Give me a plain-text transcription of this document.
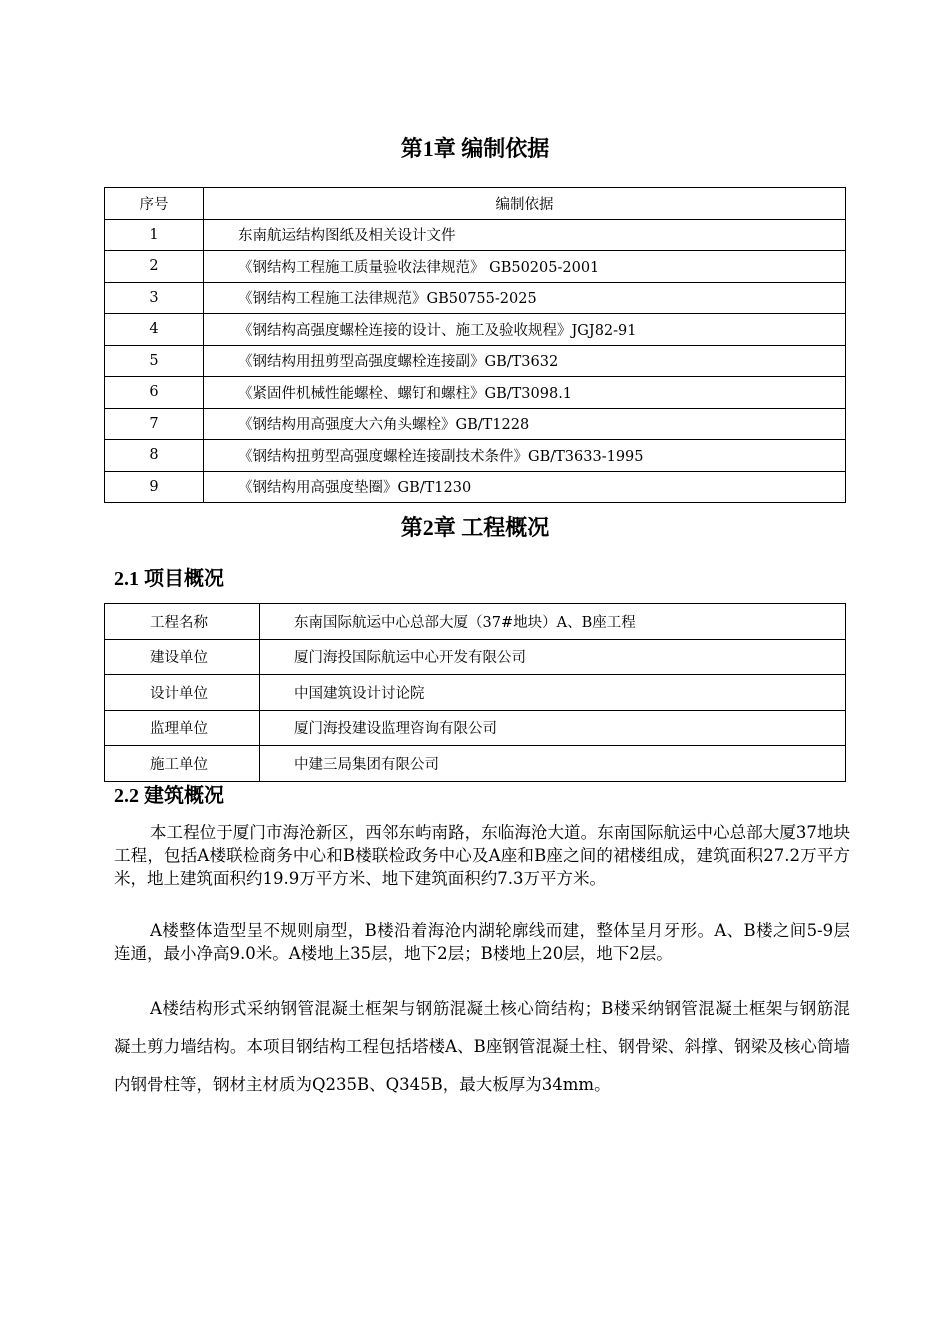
第1章 编制依据
序号	编制依据
1	东南航运结构图纸及相关设计文件
2	《钢结构工程施工质量验收法律规范》 GB50205-2001
3	《钢结构工程施工法律规范》GB50755-2025
4	《钢结构高强度螺栓连接的设计、施工及验收规程》JGJ82-91
5	《钢结构用扭剪型高强度螺栓连接副》GB/T3632
6	《紧固件机械性能螺栓、螺钉和螺柱》GB/T3098.1
7	《钢结构用高强度大六角头螺栓》GB/T1228
8	《钢结构扭剪型高强度螺栓连接副技术条件》GB/T3633-1995
9	《钢结构用高强度垫圈》GB/T1230
第2章 工程概况
2.1 项目概况
工程名称	东南国际航运中心总部大厦（37#地块）A、B座工程
建设单位	厦门海投国际航运中心开发有限公司
设计单位	中国建筑设计讨论院
监理单位	厦门海投建设监理咨询有限公司
施工单位	中建三局集团有限公司
2.2 建筑概况

本工程位于厦门市海沧新区，西邻东屿南路，东临海沧大道。东南国际航运中心总部大厦37地块工程，包括A楼联检商务中心和B楼联检政务中心及A座和B座之间的裙楼组成，建筑面积27.2万平方米，地上建筑面积约19.9万平方米、地下建筑面积约7.3万平方米。

A楼整体造型呈不规则扇型，B楼沿着海沧内湖轮廓线而建，整体呈月牙形。A、B楼之间5-9层连通，最小净高9.0米。A楼地上35层，地下2层；B楼地上20层，地下2层。

A楼结构形式采纳钢管混凝土框架与钢筋混凝土核心筒结构；B楼采纳钢管混凝土框架与钢筋混凝土剪力墙结构。本项目钢结构工程包括塔楼A、B座钢管混凝土柱、钢骨梁、斜撑、钢梁及核心筒墙内钢骨柱等，钢材主材质为Q235B、Q345B，最大板厚为34mm。
